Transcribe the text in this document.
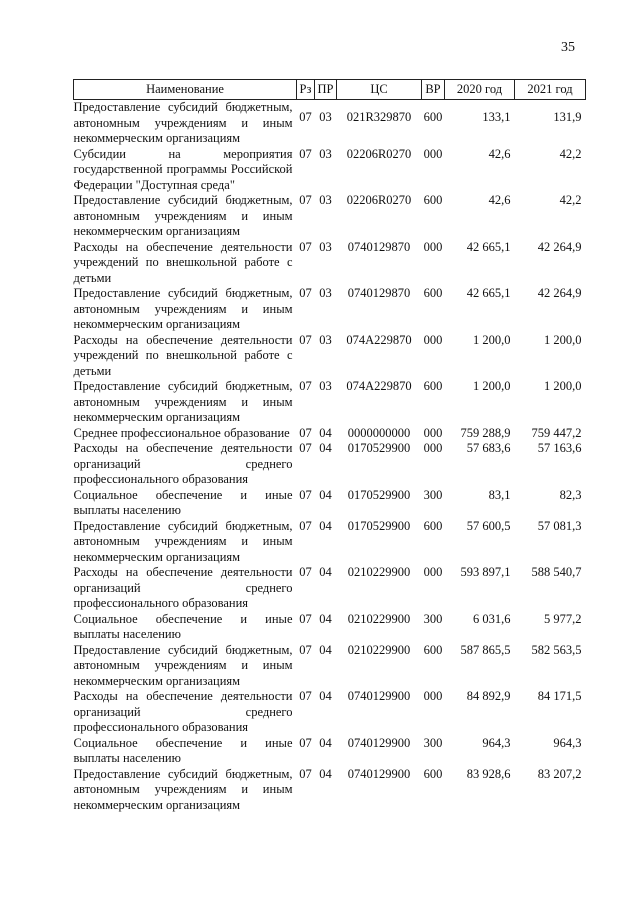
35
Наименование	Рз	ПР	ЦС	ВР	2020 год	2021 год
Предоставление субсидий бюджетным, автономным учреждениям и иным некоммерческим организациям	07	03	021R329870	600	133,1	131,9
Субсидии на мероприятия государственной программы Российской Федерации "Доступная среда"	07	03	02206R0270	000	42,6	42,2
Предоставление субсидий бюджетным, автономным учреждениям и иным некоммерческим организациям	07	03	02206R0270	600	42,6	42,2
Расходы на обеспечение деятельности учреждений по внешкольной работе с детьми	07	03	0740129870	000	42 665,1	42 264,9
Предоставление субсидий бюджетным, автономным учреждениям и иным некоммерческим организациям	07	03	0740129870	600	42 665,1	42 264,9
Расходы на обеспечение деятельности учреждений по внешкольной работе с детьми	07	03	074A229870	000	1 200,0	1 200,0
Предоставление субсидий бюджетным, автономным учреждениям и иным некоммерческим организациям	07	03	074A229870	600	1 200,0	1 200,0
Среднее профессиональное образование	07	04	0000000000	000	759 288,9	759 447,2
Расходы на обеспечение деятельности организаций среднего профессионального образования	07	04	0170529900	000	57 683,6	57 163,6
Социальное обеспечение и иные выплаты населению	07	04	0170529900	300	83,1	82,3
Предоставление субсидий бюджетным, автономным учреждениям и иным некоммерческим организациям	07	04	0170529900	600	57 600,5	57 081,3
Расходы на обеспечение деятельности организаций среднего профессионального образования	07	04	0210229900	000	593 897,1	588 540,7
Социальное обеспечение и иные выплаты населению	07	04	0210229900	300	6 031,6	5 977,2
Предоставление субсидий бюджетным, автономным учреждениям и иным некоммерческим организациям	07	04	0210229900	600	587 865,5	582 563,5
Расходы на обеспечение деятельности организаций среднего профессионального образования	07	04	0740129900	000	84 892,9	84 171,5
Социальное обеспечение и иные выплаты населению	07	04	0740129900	300	964,3	964,3
Предоставление субсидий бюджетным, автономным учреждениям и иным некоммерческим организациям	07	04	0740129900	600	83 928,6	83 207,2
